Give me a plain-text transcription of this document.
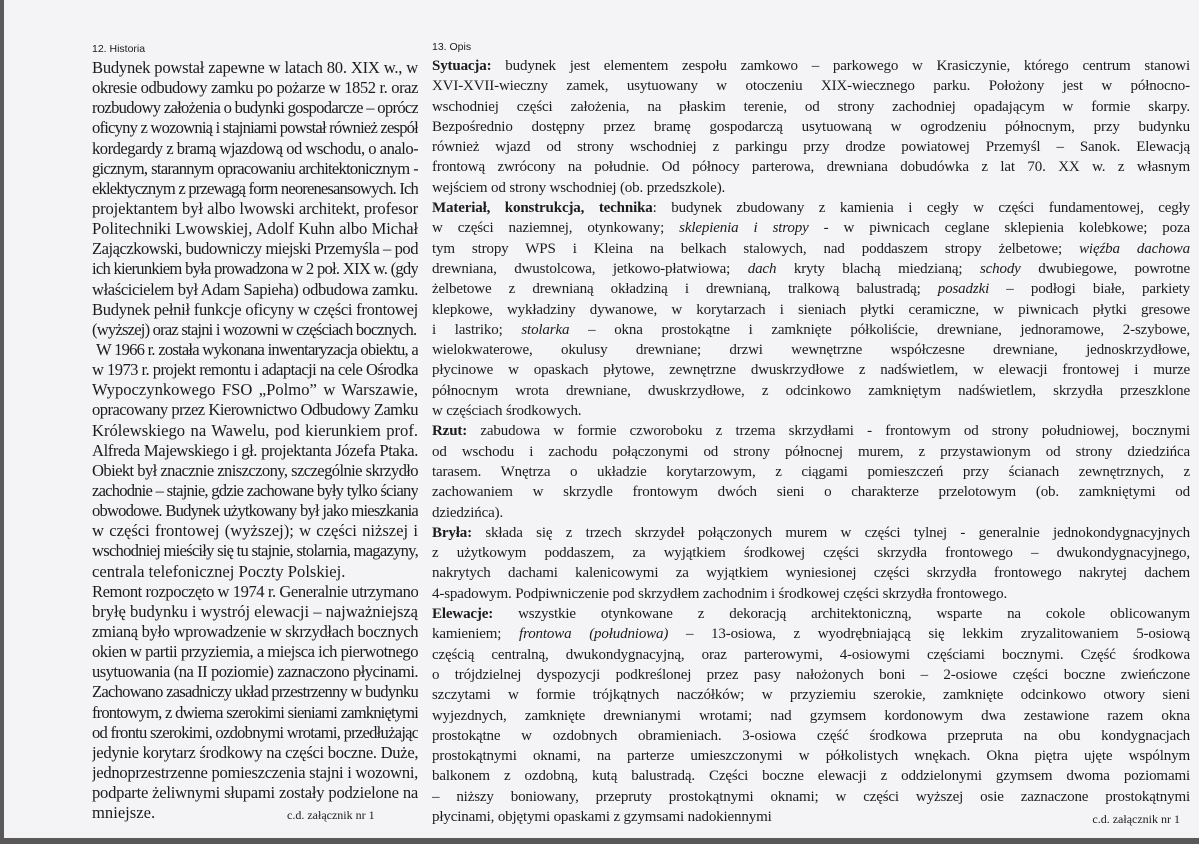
12. Historia
Budynek powstał zapewne w latach 80. XIX w., w
okresie odbudowy zamku po pożarze w 1852 r. oraz
rozbudowy założenia o budynki gospodarcze – oprócz
oficyny z wozownią i stajniami powstał również zespół
kordegardy z bramą wjazdową od wschodu, o analo-
gicznym, starannym opracowaniu architektonicznym -
eklektycznym z przewagą form neorenesansowych. Ich
projektantem był albo lwowski architekt, profesor
Politechniki Lwowskiej, Adolf Kuhn albo Michał
Zajączkowski, budowniczy miejski Przemyśla – pod
ich kierunkiem była prowadzona w 2 poł. XIX w. (gdy
właścicielem był Adam Sapieha) odbudowa zamku.
Budynek pełnił funkcje oficyny w części frontowej
(wyższej) oraz stajni i wozowni w częściach bocznych.
W 1966 r. została wykonana inwentaryzacja obiektu, a
w 1973 r. projekt remontu i adaptacji na cele Ośrodka
Wypoczynkowego FSO „Polmo” w Warszawie,
opracowany przez Kierownictwo Odbudowy Zamku
Królewskiego na Wawelu, pod kierunkiem prof.
Alfreda Majewskiego i gł. projektanta Józefa Ptaka.
Obiekt był znacznie zniszczony, szczególnie skrzydło
zachodnie – stajnie, gdzie zachowane były tylko ściany
obwodowe. Budynek użytkowany był jako mieszkania
w części frontowej (wyższej); w części niższej i
wschodniej mieściły się tu stajnie, stolarnia, magazyny,
centrala telefonicznej Poczty Polskiej.
Remont rozpoczęto w 1974 r. Generalnie utrzymano
bryłę budynku i wystrój elewacji – najważniejszą
zmianą było wprowadzenie w skrzydłach bocznych
okien w partii przyziemia, a miejsca ich pierwotnego
usytuowania (na II poziomie) zaznaczono płycinami.
Zachowano zasadniczy układ przestrzenny w budynku
frontowym, z dwiema szerokimi sieniami zamkniętymi
od frontu szerokimi, ozdobnymi wrotami, przedłużając
jedynie korytarz środkowy na części boczne. Duże,
jednoprzestrzenne pomieszczenia stajni i wozowni,
podparte żeliwnymi słupami zostały podzielone na
mniejsze.	c.d. załącznik nr 1
13. Opis
Sytuacja: budynek jest elementem zespołu zamkowo – parkowego w Krasiczynie, którego centrum stanowi
XVI-XVII-wieczny zamek, usytuowany w otoczeniu XIX-wiecznego parku. Położony jest w północno-
wschodniej części założenia, na płaskim terenie, od strony zachodniej opadającym w formie skarpy.
Bezpośrednio dostępny przez bramę gospodarczą usytuowaną w ogrodzeniu północnym, przy budynku
również wjazd od strony wschodniej z parkingu przy drodze powiatowej Przemyśl – Sanok. Elewacją
frontową zwrócony na południe. Od północy parterowa, drewniana dobudówka z lat 70. XX w. z własnym
wejściem od strony wschodniej (ob. przedszkole).
Materiał, konstrukcja, technika: budynek zbudowany z kamienia i cegły w części fundamentowej, cegły
w części naziemnej, otynkowany; sklepienia i stropy - w piwnicach ceglane sklepienia kolebkowe; poza
tym stropy WPS i Kleina na belkach stalowych, nad poddaszem stropy żelbetowe; więźba dachowa
drewniana, dwustolcowa, jetkowo-płatwiowa; dach kryty blachą miedzianą; schody dwubiegowe, powrotne
żelbetowe z drewnianą okładziną i drewnianą, tralkową balustradą; posadzki – podłogi białe, parkiety
klepkowe, wykładziny dywanowe, w korytarzach i sieniach płytki ceramiczne, w piwnicach płytki gresowe
i lastriko; stolarka – okna prostokątne i zamknięte półkoliście, drewniane, jednoramowe, 2-szybowe,
wielokwaterowe, okulusy drewniane; drzwi wewnętrzne współczesne drewniane, jednoskrzydłowe,
płycinowe w opaskach płytowe, zewnętrzne dwuskrzydłowe z nadświetlem, w elewacji frontowej i murze
północnym wrota drewniane, dwuskrzydłowe, z odcinkowo zamkniętym nadświetlem, skrzydła przeszklone
w częściach środkowych.
Rzut: zabudowa w formie czworoboku z trzema skrzydłami - frontowym od strony południowej, bocznymi
od wschodu i zachodu połączonymi od strony północnej murem, z przystawionym od strony dziedzińca
tarasem. Wnętrza o układzie korytarzowym, z ciągami pomieszczeń przy ścianach zewnętrznych, z
zachowaniem w skrzydle frontowym dwóch sieni o charakterze przelotowym (ob. zamkniętymi od
dziedzińca).
Bryła: składa się z trzech skrzydeł połączonych murem w części tylnej - generalnie jednokondygnacyjnych
z użytkowym poddaszem, za wyjątkiem środkowej części skrzydła frontowego – dwukondygnacyjnego,
nakrytych dachami kalenicowymi za wyjątkiem wyniesionej części skrzydła frontowego nakrytej dachem
4-spadowym. Podpiwniczenie pod skrzydłem zachodnim i środkowej części skrzydła frontowego.
Elewacje: wszystkie otynkowane z dekoracją architektoniczną, wsparte na cokole oblicowanym
kamieniem; frontowa (południowa) – 13-osiowa, z wyodrębniającą się lekkim zryzalitowaniem 5-osiową
częścią centralną, dwukondygnacyjną, oraz parterowymi, 4-osiowymi częściami bocznymi. Część środkowa
o trójdzielnej dyspozycji podkreślonej przez pasy nałożonych boni – 2-osiowe części boczne zwieńczone
szczytami w formie trójkątnych naczółków; w przyziemiu szerokie, zamknięte odcinkowo otwory sieni
wyjezdnych, zamknięte drewnianymi wrotami; nad gzymsem kordonowym dwa zestawione razem okna
prostokątne w ozdobnych obramieniach. 3-osiowa część środkowa przepruta na obu kondygnacjach
prostokątnymi oknami, na parterze umieszczonymi w półkolistych wnękach. Okna piętra ujęte wspólnym
balkonem z ozdobną, kutą balustradą. Części boczne elewacji z oddzielonymi gzymsem dwoma poziomami
– niższy boniowany, przepruty prostokątnymi oknami; w części wyższej osie zaznaczone prostokątnymi
płycinami, objętymi opaskami z gzymsami nadokiennymi	c.d. załącznik nr 1
